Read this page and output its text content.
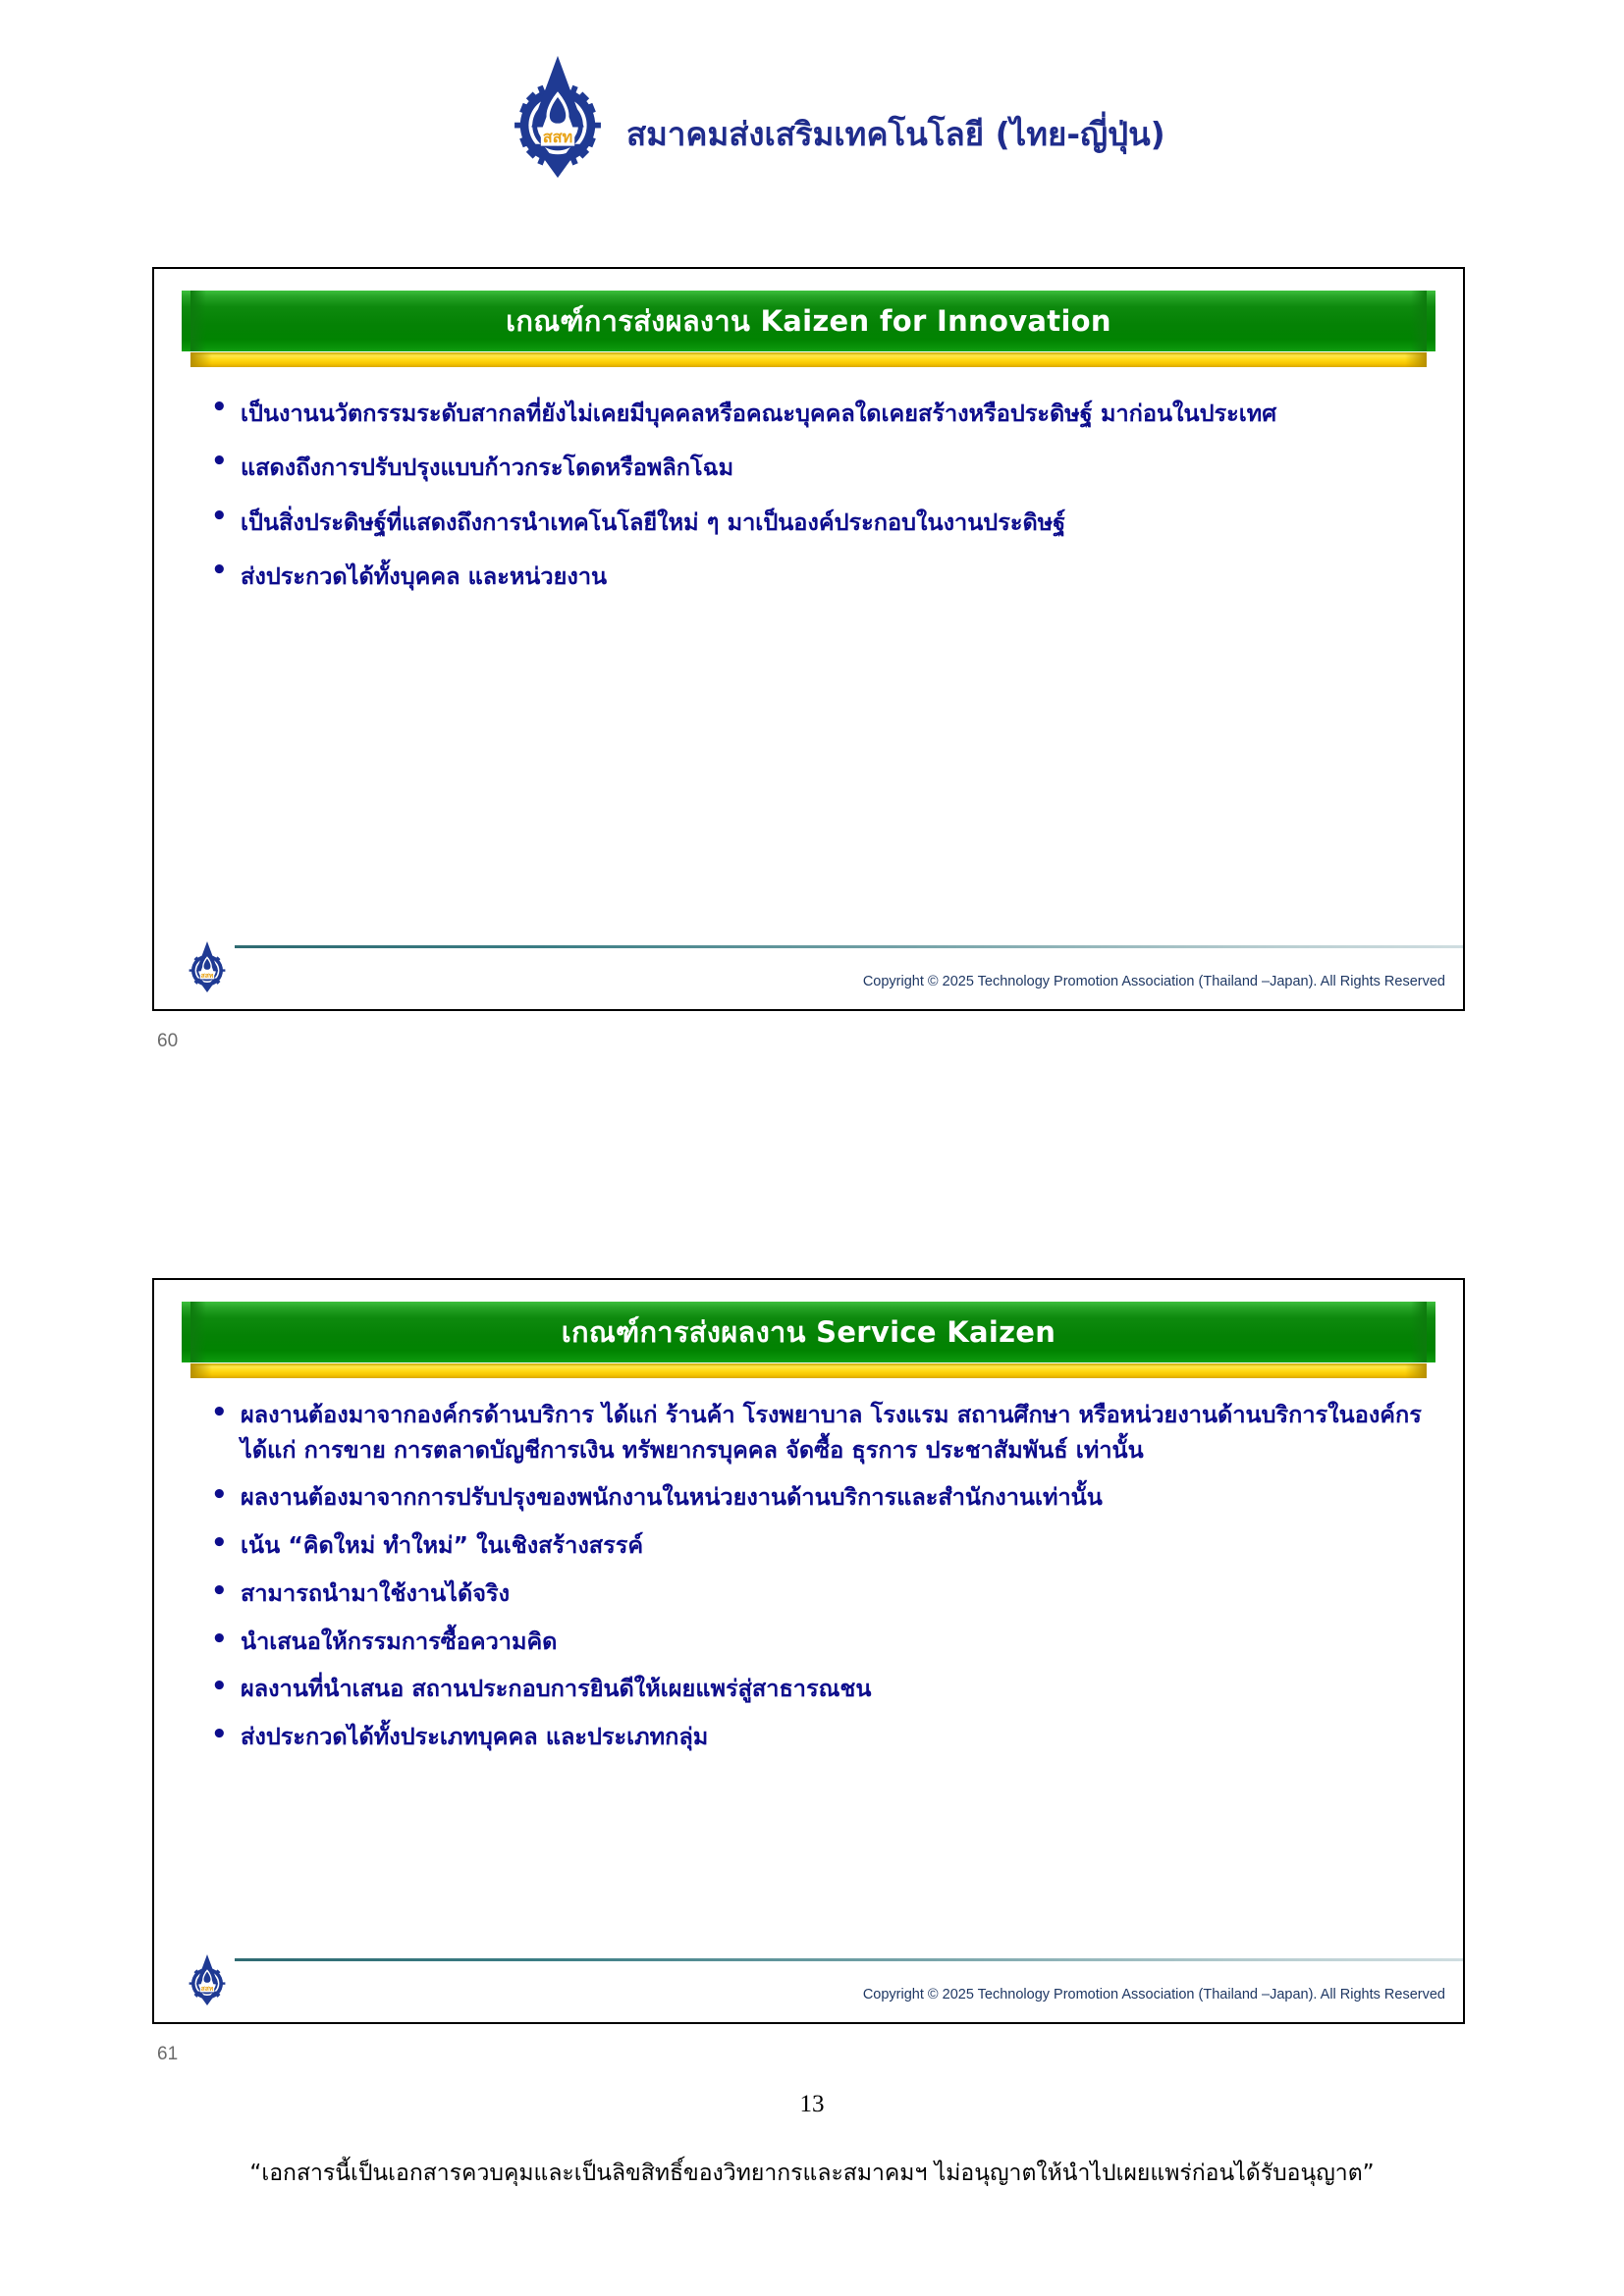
สสท สมาคมส่งเสริมเทคโนโลยี (ไทย-ญี่ปุ่น)
เกณฑ์การส่งผลงาน Kaizen for Innovation
• เป็นงานนวัตกรรมระดับสากลที่ยังไม่เคยมีบุคคลหรือคณะบุคคลใดเคยสร้างหรือประดิษฐ์ มาก่อนในประเทศ
• แสดงถึงการปรับปรุงแบบก้าวกระโดดหรือพลิกโฉม
• เป็นสิ่งประดิษฐ์ที่แสดงถึงการนำเทคโนโลยีใหม่ ๆ มาเป็นองค์ประกอบในงานประดิษฐ์
• ส่งประกวดได้ทั้งบุคคล และหน่วยงาน
สสท	Copyright © 2025 Technology Promotion Association (Thailand –Japan). All Rights Reserved
60
เกณฑ์การส่งผลงาน Service Kaizen
• ผลงานต้องมาจากองค์กรด้านบริการ ได้แก่ ร้านค้า โรงพยาบาล โรงแรม สถานศึกษา หรือหน่วยงานด้านบริการในองค์กร ได้แก่ การขาย การตลาดบัญชีการเงิน ทรัพยากรบุคคล จัดซื้อ ธุรการ ประชาสัมพันธ์ เท่านั้น
• ผลงานต้องมาจากการปรับปรุงของพนักงานในหน่วยงานด้านบริการและสำนักงานเท่านั้น
• เน้น “คิดใหม่ ทำใหม่” ในเชิงสร้างสรรค์
• สามารถนำมาใช้งานได้จริง
• นำเสนอให้กรรมการซื้อความคิด
• ผลงานที่นำเสนอ สถานประกอบการยินดีให้เผยแพร่สู่สาธารณชน
• ส่งประกวดได้ทั้งประเภทบุคคล และประเภทกลุ่ม
สสท	Copyright © 2025 Technology Promotion Association (Thailand –Japan). All Rights Reserved
61
13
“เอกสารนี้เป็นเอกสารควบคุมและเป็นลิขสิทธิ์ของวิทยากรและสมาคมฯ ไม่อนุญาตให้นำไปเผยแพร่ก่อนได้รับอนุญาต”
